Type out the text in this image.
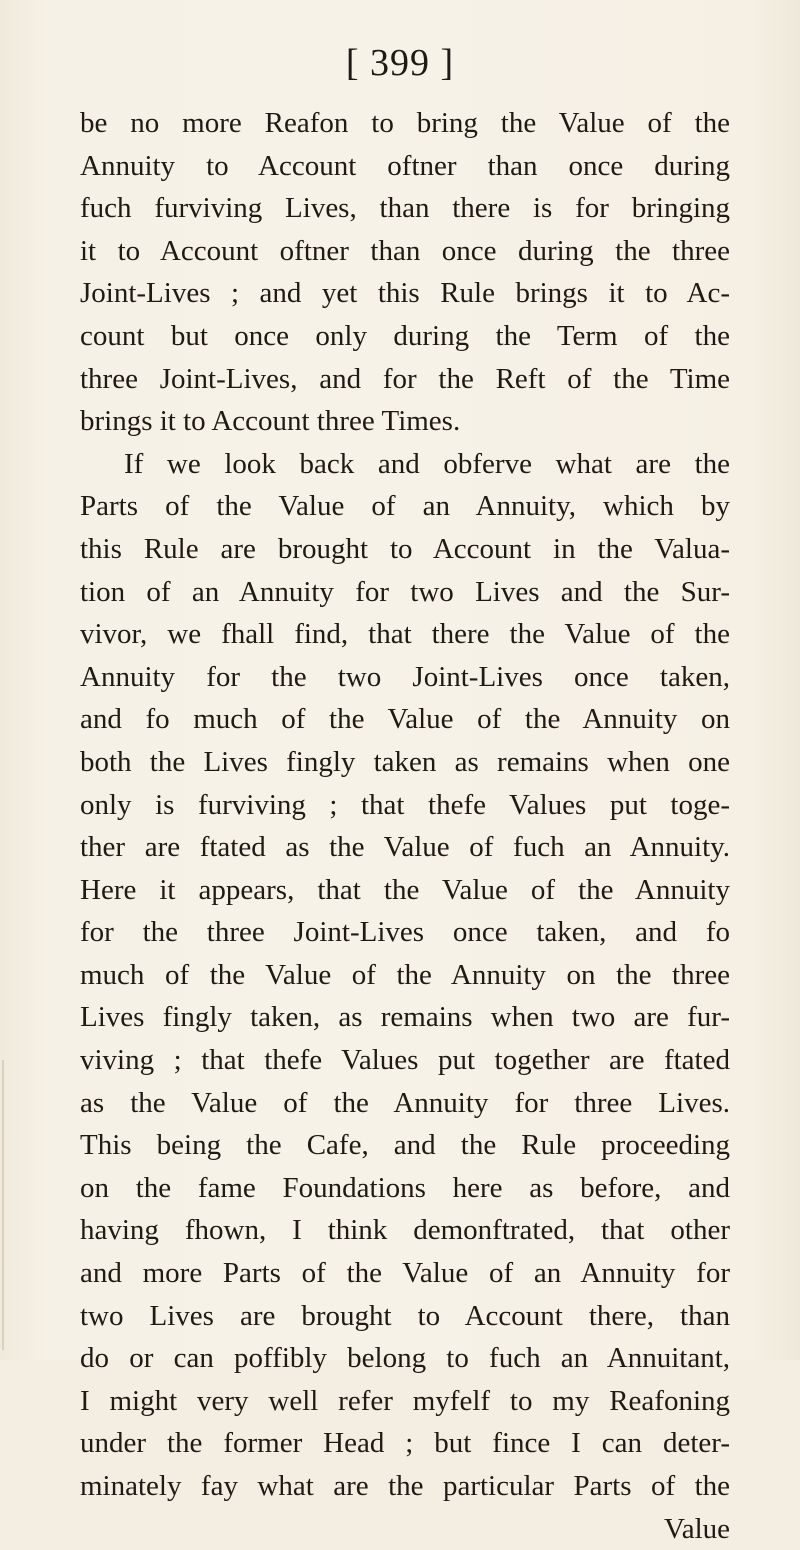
[ 399 ]
be no more Reafon to bring the Value of the
Annuity to Account oftner than once during
fuch furviving Lives, than there is for bringing
it to Account oftner than once during the three
Joint-Lives ; and yet this Rule brings it to Ac-
count but once only during the Term of the
three Joint-Lives, and for the Reft of the Time
brings it to Account three Times.
If we look back and obferve what are the
Parts of the Value of an Annuity, which by
this Rule are brought to Account in the Valua-
tion of an Annuity for two Lives and the Sur-
vivor, we fhall find, that there the Value of the
Annuity for the two Joint-Lives once taken,
and fo much of the Value of the Annuity on
both the Lives fingly taken as remains when one
only is furviving ; that thefe Values put toge-
ther are ftated as the Value of fuch an Annuity.
Here it appears, that the Value of the Annuity
for the three Joint-Lives once taken, and fo
much of the Value of the Annuity on the three
Lives fingly taken, as remains when two are fur-
viving ; that thefe Values put together are ftated
as the Value of the Annuity for three Lives.
This being the Cafe, and the Rule proceeding
on the fame Foundations here as before, and
having fhown, I think demonftrated, that other
and more Parts of the Value of an Annuity for
two Lives are brought to Account there, than
do or can poffibly belong to fuch an Annuitant,
I might very well refer myfelf to my Reafoning
under the former Head ; but fince I can deter-
minately fay what are the particular Parts of the
Value
